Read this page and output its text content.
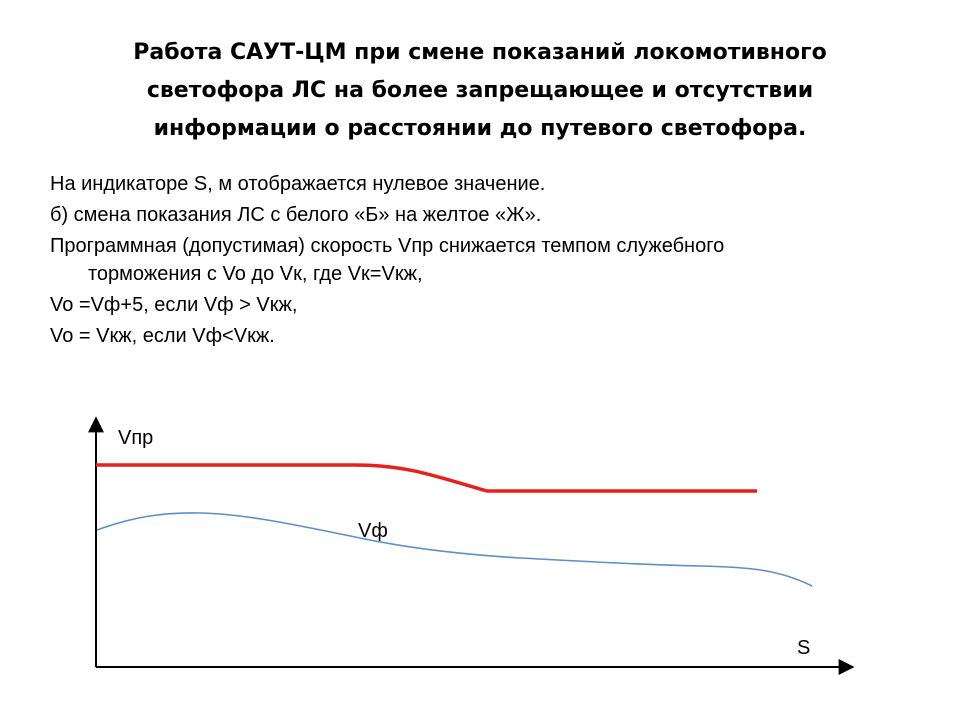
Работа САУТ-ЦМ при смене показаний локомотивного светофора ЛС на более запрещающее и отсутствии информации о расстоянии до путевого светофора.
На индикаторе S, м отображается нулевое значение.
б) смена показания ЛС с белого «Б» на желтое «Ж».
Программная (допустимая) скорость Vпр снижается темпом служебного торможения с Vo до Vк, где Vк=Vкж,
Vo =Vф+5, если Vф > Vкж,
Vo = Vкж, если Vф<Vкж.
Vпр
Vф
S
